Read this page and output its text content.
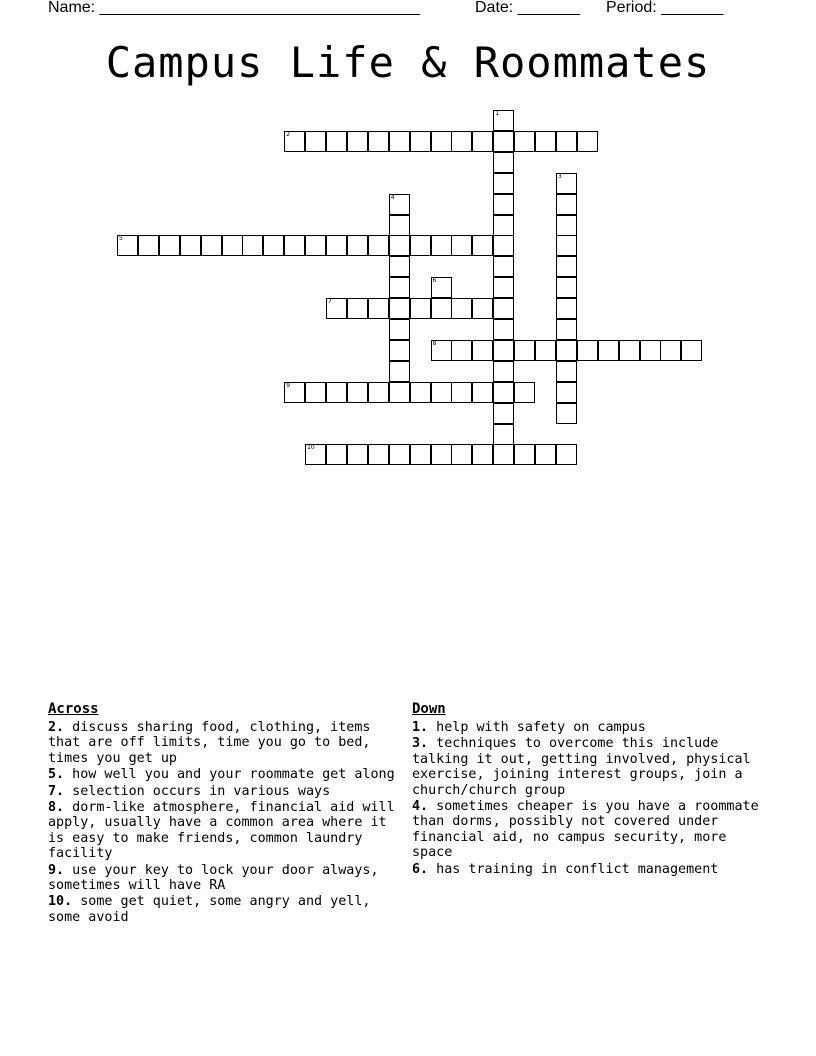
Name: ____________________________________	Date: _______ Period: _______
Campus Life & Roommates
1
2
3
4
5
6
7
8
9
10
Across
2. discuss sharing food, clothing, items that are off limits, time you go to bed, times you get up
5. how well you and your roommate get along
7. selection occurs in various ways
8. dorm-like atmosphere, financial aid will apply, usually have a common area where it is easy to make friends, common laundry facility
9. use your key to lock your door always, sometimes will have RA
10. some get quiet, some angry and yell, some avoid
Down
1. help with safety on campus
3. techniques to overcome this include talking it out, getting involved, physical exercise, joining interest groups, join a church/church group
4. sometimes cheaper is you have a roommate than dorms, possibly not covered under financial aid, no campus security, more space
6. has training in conflict management
